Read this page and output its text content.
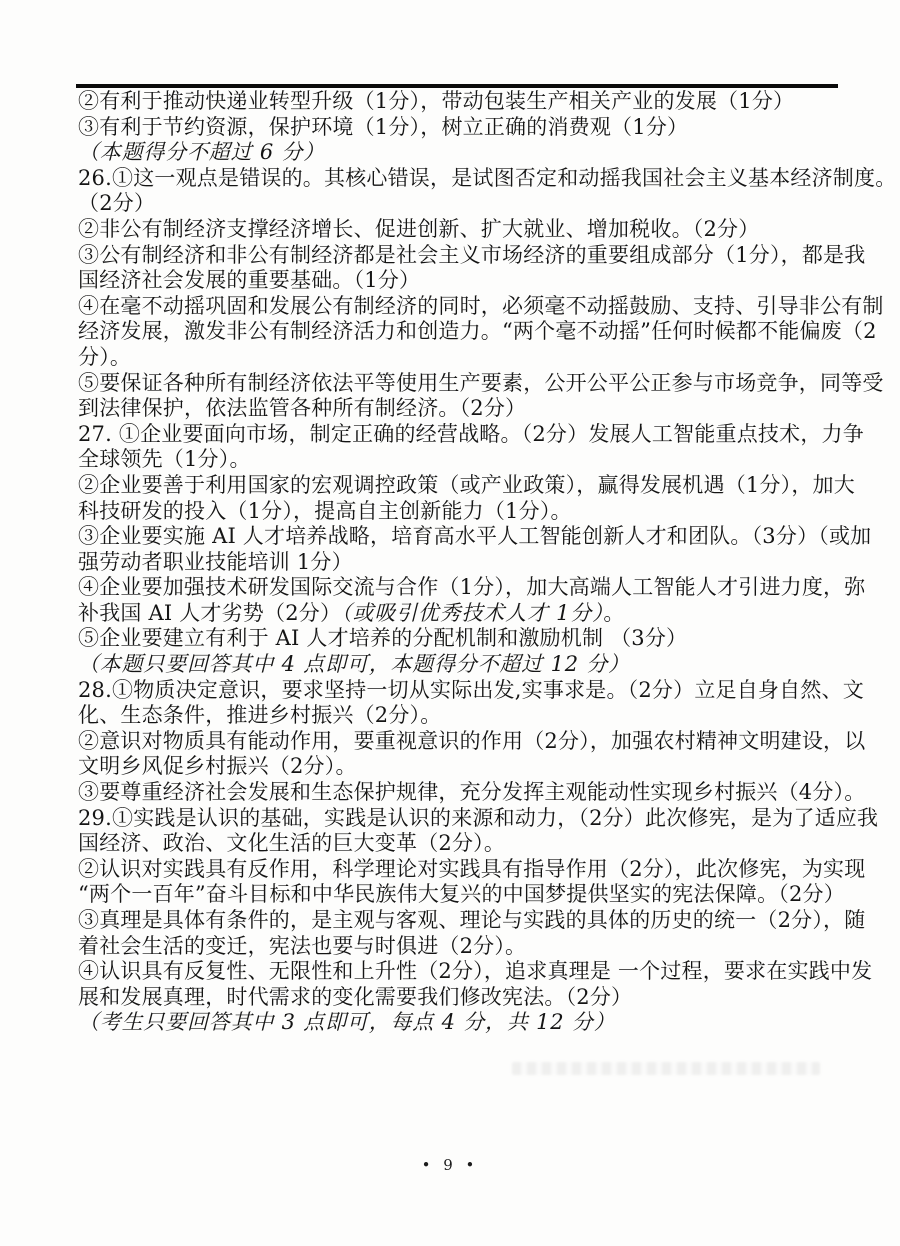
②有利于推动快递业转型升级（1分），带动包装生产相关产业的发展（1分）
③有利于节约资源，保护环境（1分），树立正确的消费观（1分）
（本题得分不超过 6 分）
26.①这一观点是错误的。其核心错误，是试图否定和动摇我国社会主义基本经济制度。
（2分）
②非公有制经济支撑经济增长、促进创新、扩大就业、增加税收。（2分）
③公有制经济和非公有制经济都是社会主义市场经济的重要组成部分（1分），都是我
国经济社会发展的重要基础。（1分）
④在毫不动摇巩固和发展公有制经济的同时，必须毫不动摇鼓励、支持、引导非公有制
经济发展，激发非公有制经济活力和创造力。“两个毫不动摇”任何时候都不能偏废（2
分）。
⑤要保证各种所有制经济依法平等使用生产要素，公开公平公正参与市场竞争，同等受
到法律保护，依法监管各种所有制经济。（2分）
27. ①企业要面向市场，制定正确的经营战略。（2分）发展人工智能重点技术，力争
全球领先（1分）。
②企业要善于利用国家的宏观调控政策（或产业政策），赢得发展机遇（1分），加大
科技研发的投入（1分），提高自主创新能力（1分）。
③企业要实施 AI 人才培养战略，培育高水平人工智能创新人才和团队。（3分）（或加
强劳动者职业技能培训 1分）
④企业要加强技术研发国际交流与合作（1分），加大高端人工智能人才引进力度，弥
补我国 AI 人才劣势（2分）（或吸引优秀技术人才 1分）。
⑤企业要建立有利于 AI 人才培养的分配机制和激励机制 （3分）
（本题只要回答其中 4 点即可，本题得分不超过 12 分）
28.①物质决定意识，要求坚持一切从实际出发,实事求是。（2分）立足自身自然、文
化、生态条件，推进乡村振兴（2分）。
②意识对物质具有能动作用，要重视意识的作用（2分），加强农村精神文明建设，以
文明乡风促乡村振兴（2分）。
③要尊重经济社会发展和生态保护规律，充分发挥主观能动性实现乡村振兴（4分）。
29.①实践是认识的基础，实践是认识的来源和动力，（2分）此次修宪，是为了适应我
国经济、政治、文化生活的巨大变革（2分）。
②认识对实践具有反作用，科学理论对实践具有指导作用（2分），此次修宪，为实现
“两个一百年”奋斗目标和中华民族伟大复兴的中国梦提供坚实的宪法保障。（2分）
③真理是具体有条件的，是主观与客观、理论与实践的具体的历史的统一（2分），随
着社会生活的变迁，宪法也要与时俱进（2分）。
④认识具有反复性、无限性和上升性（2分），追求真理是 一个过程，要求在实践中发
展和发展真理，时代需求的变化需要我们修改宪法。（2分）
（考生只要回答其中 3 点即可，每点 4 分，共 12 分）
• 9 •
